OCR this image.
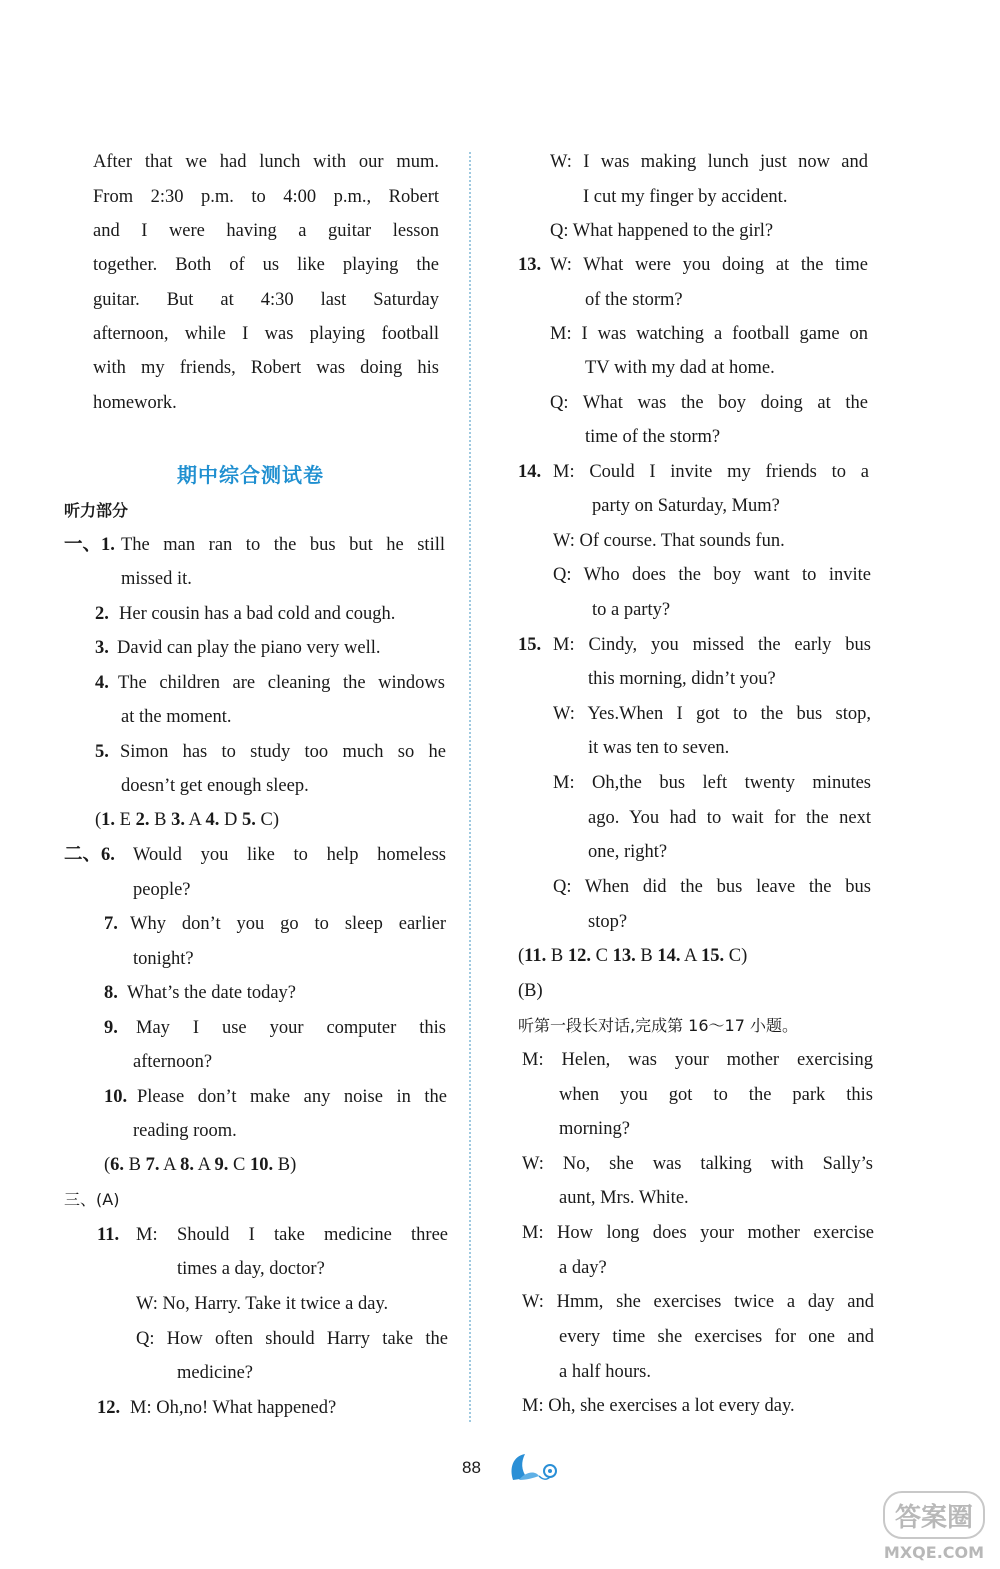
After that we had lunch with our mum.
From 2:30 p.m. to 4:00 p.m., Robert
and I were having a guitar lesson
together. Both of us like playing the
guitar. But at 4:30 last Saturday
afternoon, while I was playing football
with my friends, Robert was doing his
homework.
期中综合测试卷
听力部分
一、1. The man ran to the bus but he still
missed it.
2. Her cousin has a bad cold and cough.
3. David can play the piano very well.
4. The children are cleaning the windows
at the moment.
5. Simon has to study too much so he
doesn’t get enough sleep.
(1. E 2. B 3. A 4. D 5. C)
二、6. Would you like to help homeless
people?
7. Why don’t you go to sleep earlier
tonight?
8. What’s the date today?
9. May I use your computer this
afternoon?
10. Please don’t make any noise in the
reading room.
(6. B 7. A 8. A 9. C 10. B)
三、(A)
11. M: Should I take medicine three
times a day, doctor?
W: No, Harry. Take it twice a day.
Q: How often should Harry take the
medicine?
12. M: Oh,no! What happened?
W: I was making lunch just now and
I cut my finger by accident.
Q: What happened to the girl?
13. W: What were you doing at the time
of the storm?
M: I was watching a football game on
TV with my dad at home.
Q: What was the boy doing at the
time of the storm?
14. M: Could I invite my friends to a
party on Saturday, Mum?
W: Of course. That sounds fun.
Q: Who does the boy want to invite
to a party?
15. M: Cindy, you missed the early bus
this morning, didn’t you?
W: Yes.When I got to the bus stop,
it was ten to seven.
M: Oh,the bus left twenty minutes
ago. You had to wait for the next
one, right?
Q: When did the bus leave the bus
stop?
(11. B 12. C 13. B 14. A 15. C)
(B)
听第一段长对话,完成第 16～17 小题。
M: Helen, was your mother exercising
when you got to the park this
morning?
W: No, she was talking with Sally’s
aunt, Mrs. White.
M: How long does your mother exercise
a day?
W: Hmm, she exercises twice a day and
every time she exercises for one and
a half hours.
M: Oh, she exercises a lot every day.
88
答案圈
MXQE.COM
